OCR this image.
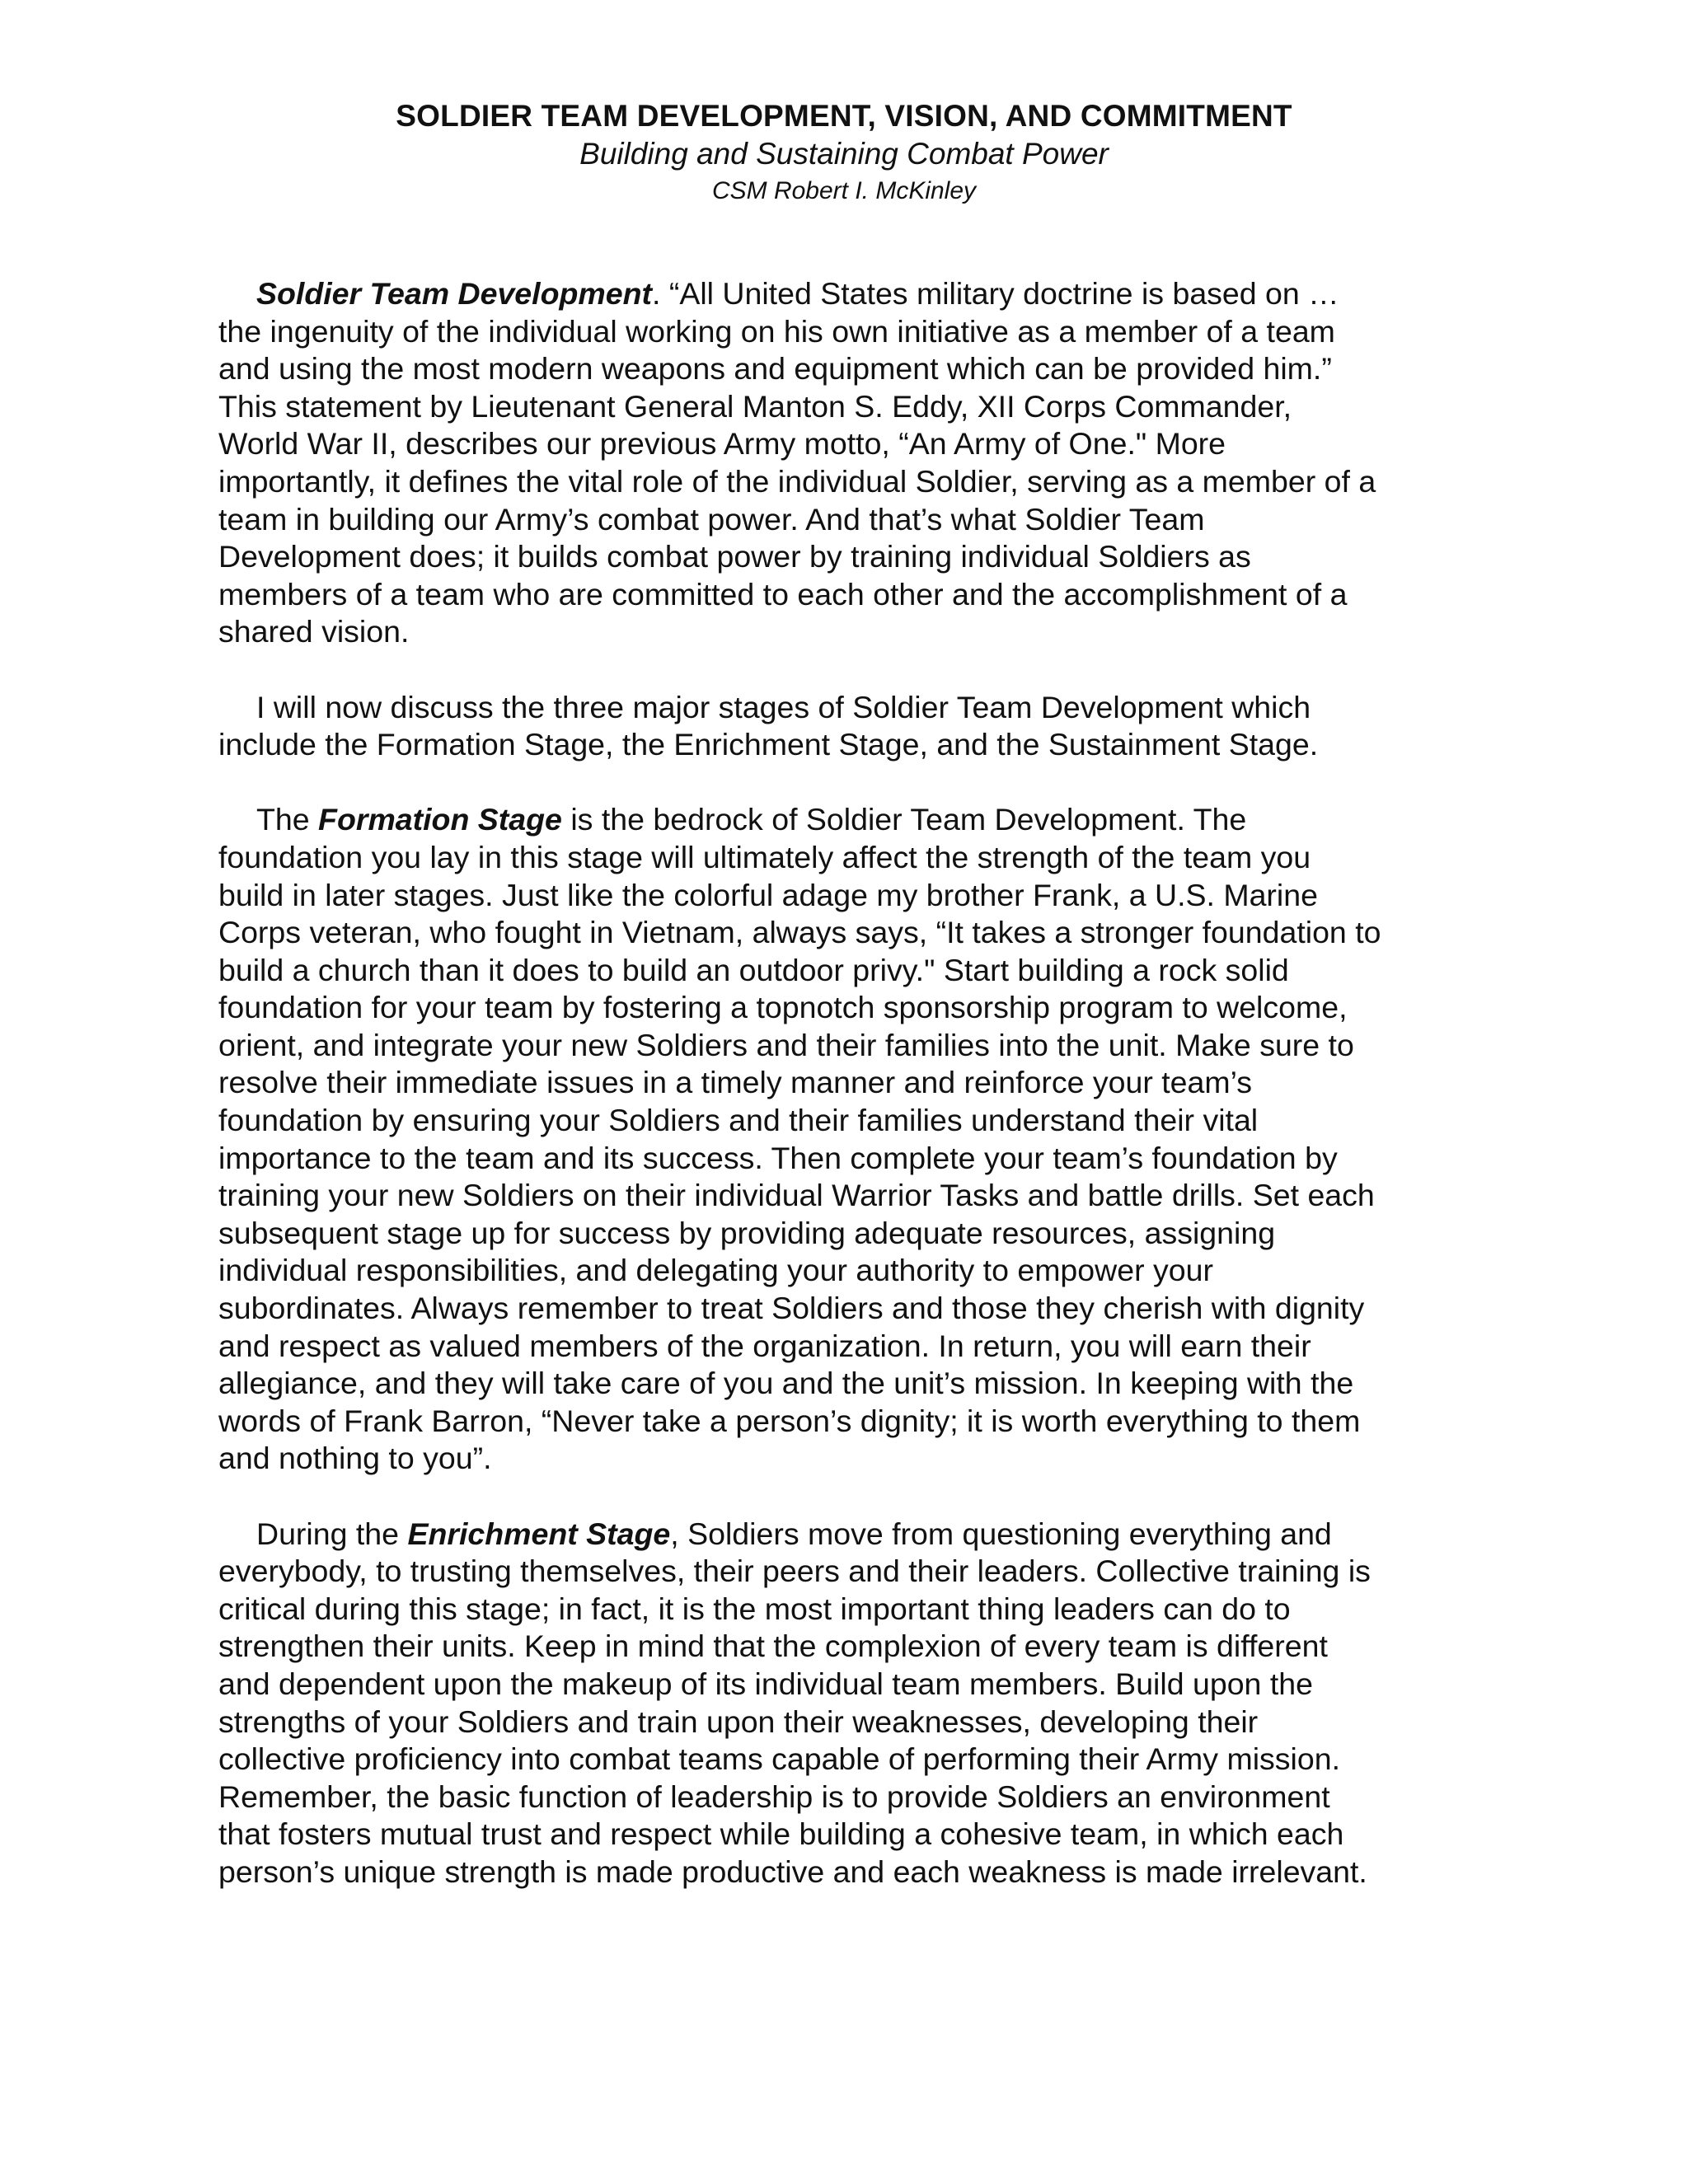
SOLDIER TEAM DEVELOPMENT, VISION, AND COMMITMENT
Building and Sustaining Combat Power
CSM Robert I. McKinley
Soldier Team Development. “All United States military doctrine is based on …
the ingenuity of the individual working on his own initiative as a member of a team
and using the most modern weapons and equipment which can be provided him.”
This statement by Lieutenant General Manton S. Eddy, XII Corps Commander,
World War II, describes our previous Army motto, “An Army of One." More
importantly, it defines the vital role of the individual Soldier, serving as a member of a
team in building our Army’s combat power. And that’s what Soldier Team
Development does; it builds combat power by training individual Soldiers as
members of a team who are committed to each other and the accomplishment of a
shared vision.
I will now discuss the three major stages of Soldier Team Development which
include the Formation Stage, the Enrichment Stage, and the Sustainment Stage.
The Formation Stage is the bedrock of Soldier Team Development. The
foundation you lay in this stage will ultimately affect the strength of the team you
build in later stages. Just like the colorful adage my brother Frank, a U.S. Marine
Corps veteran, who fought in Vietnam, always says, “It takes a stronger foundation to
build a church than it does to build an outdoor privy." Start building a rock solid
foundation for your team by fostering a topnotch sponsorship program to welcome,
orient, and integrate your new Soldiers and their families into the unit. Make sure to
resolve their immediate issues in a timely manner and reinforce your team’s
foundation by ensuring your Soldiers and their families understand their vital
importance to the team and its success. Then complete your team’s foundation by
training your new Soldiers on their individual Warrior Tasks and battle drills. Set each
subsequent stage up for success by providing adequate resources, assigning
individual responsibilities, and delegating your authority to empower your
subordinates. Always remember to treat Soldiers and those they cherish with dignity
and respect as valued members of the organization. In return, you will earn their
allegiance, and they will take care of you and the unit’s mission. In keeping with the
words of Frank Barron, “Never take a person’s dignity; it is worth everything to them
and nothing to you”.
During the Enrichment Stage, Soldiers move from questioning everything and
everybody, to trusting themselves, their peers and their leaders. Collective training is
critical during this stage; in fact, it is the most important thing leaders can do to
strengthen their units. Keep in mind that the complexion of every team is different
and dependent upon the makeup of its individual team members. Build upon the
strengths of your Soldiers and train upon their weaknesses, developing their
collective proficiency into combat teams capable of performing their Army mission.
Remember, the basic function of leadership is to provide Soldiers an environment
that fosters mutual trust and respect while building a cohesive team, in which each
person’s unique strength is made productive and each weakness is made irrelevant.
